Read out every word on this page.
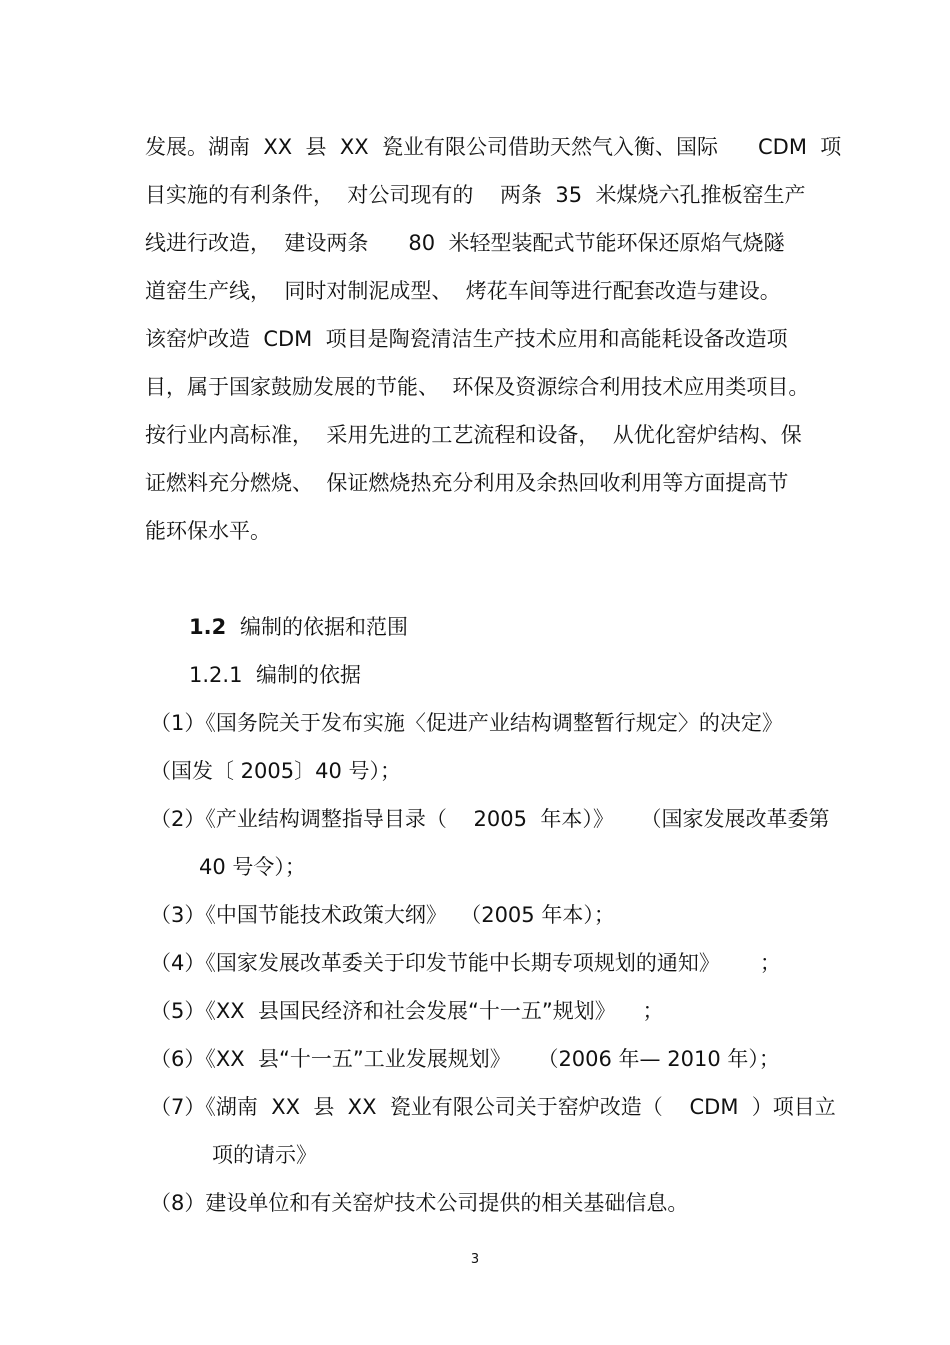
发展。湖南  XX  县  XX  瓷业有限公司借助天然气入衡、国际      CDM  项
目实施的有利条件，  对公司现有的    两条  35  米煤烧六孔推板窑生产
线进行改造，  建设两条      80  米轻型装配式节能环保还原焰气烧隧
道窑生产线，  同时对制泥成型、  烤花车间等进行配套改造与建设。
该窑炉改造  CDM  项目是陶瓷清洁生产技术应用和高能耗设备改造项
目，属于国家鼓励发展的节能、  环保及资源综合利用技术应用类项目。
按行业内高标准，  采用先进的工艺流程和设备，  从优化窑炉结构、保
证燃料充分燃烧、  保证燃烧热充分利用及余热回收利用等方面提高节
能环保水平。
1.2 编制的依据和范围
1.2.1 编制的依据
（1）《国务院关于发布实施〈促进产业结构调整暂行规定〉的决定》
（国发〔 2005〕40 号）；
（2）《产业结构调整指导目录（    2005  年本）》    （国家发展改革委第
40 号令）；
（3）《中国节能技术政策大纲》  （2005 年本）；
（4）《国家发展改革委关于印发节能中长期专项规划的通知》      ；
（5）《XX  县国民经济和社会发展“十一五”规划》    ；
（6）《XX  县“十一五”工业发展规划》    （2006 年— 2010 年）；
（7）《湖南  XX  县  XX  瓷业有限公司关于窑炉改造（    CDM  ）项目立
项的请示》
（8）建设单位和有关窑炉技术公司提供的相关基础信息。
3
